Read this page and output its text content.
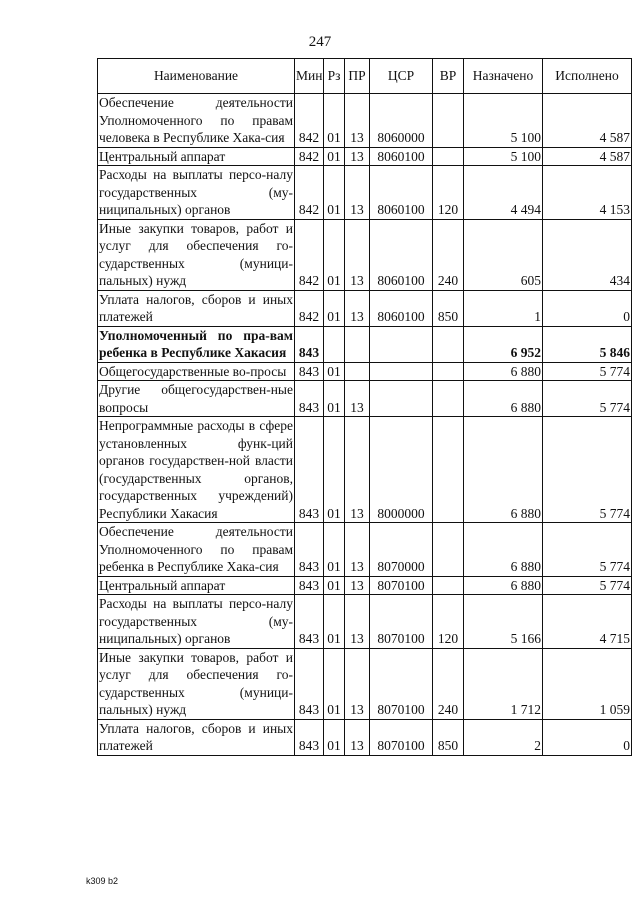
247
Наименование	Мин	Рз	ПР	ЦСР	ВР	Назначено	Исполнено
Обеспечение деятельности Уполномоченного по правам человека в Республике Хака-сия	842	01	13	8060000		5 100	4 587
Центральный аппарат	842	01	13	8060100		5 100	4 587
Расходы на выплаты персо-налу государственных (му-ниципальных) органов	842	01	13	8060100	120	4 494	4 153
Иные закупки товаров, работ и услуг для обеспечения го-сударственных (муници-пальных) нужд	842	01	13	8060100	240	605	434
Уплата налогов, сборов и иных платежей	842	01	13	8060100	850	1	0
Уполномоченный по пра-вам ребенка в Республике Хакасия	843					6 952	5 846
Общегосударственные во-просы	843	01				6 880	5 774
Другие общегосударствен-ные вопросы	843	01	13			6 880	5 774
Непрограммные расходы в сфере установленных функ-ций органов государствен-ной власти (государственных органов, государственных учреждений) Республики Хакасия	843	01	13	8000000		6 880	5 774
Обеспечение деятельности Уполномоченного по правам ребенка в Республике Хака-сия	843	01	13	8070000		6 880	5 774
Центральный аппарат	843	01	13	8070100		6 880	5 774
Расходы на выплаты персо-налу государственных (му-ниципальных) органов	843	01	13	8070100	120	5 166	4 715
Иные закупки товаров, работ и услуг для обеспечения го-сударственных (муници-пальных) нужд	843	01	13	8070100	240	1 712	1 059
Уплата налогов, сборов и иных платежей	843	01	13	8070100	850	2	0
k309 b2
